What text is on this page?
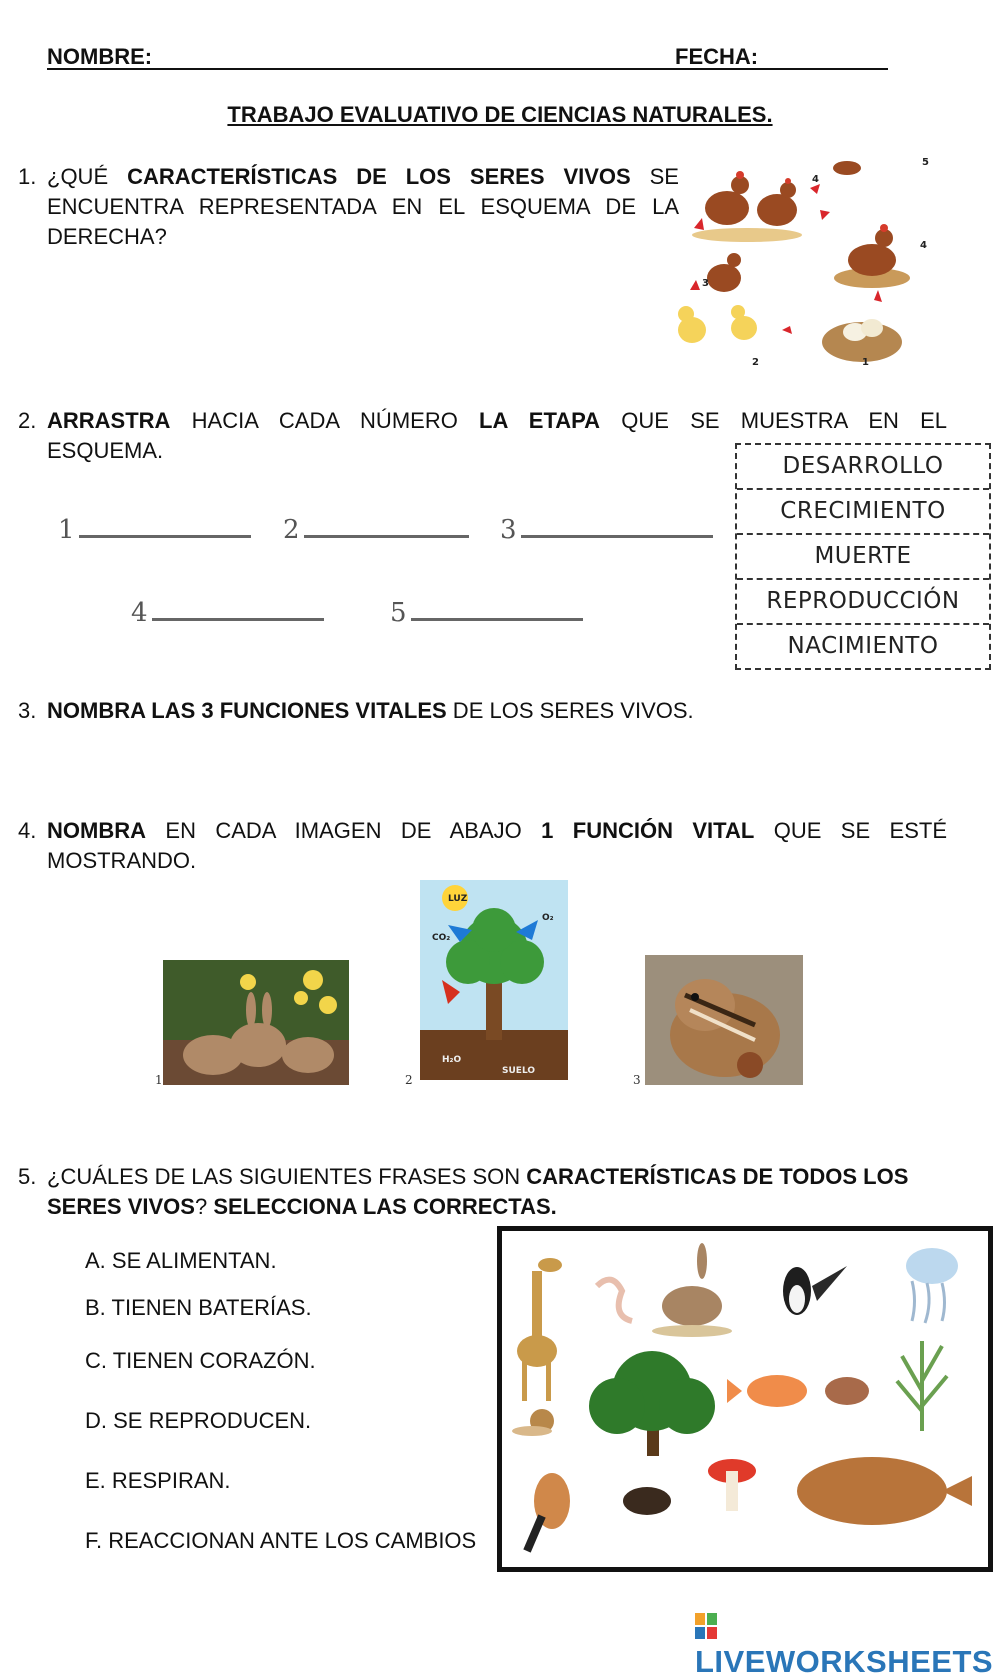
NOMBRE:	FECHA:
TRABAJO EVALUATIVO DE CIENCIAS NATURALES.
1. ¿QUÉ CARACTERÍSTICAS DE LOS SERES VIVOS SE
ENCUENTRA REPRESENTADA EN EL ESQUEMA DE LA
DERECHA?
1
2
3
4
4
5
2. ARRASTRA HACIA CADA NÚMERO LA ETAPA QUE SE MUESTRA EN EL
ESQUEMA.
1	2	3
4	5
DESARROLLO
CRECIMIENTO
MUERTE
REPRODUCCIÓN
NACIMIENTO
3. NOMBRA LAS 3 FUNCIONES VITALES DE LOS SERES VIVOS.
4. NOMBRA EN CADA IMAGEN DE ABAJO 1 FUNCIÓN VITAL QUE SE ESTÉ
MOSTRANDO.
1
LUZ
CO₂
O₂
SUELO
H₂O
2	3
5. ¿CUÁLES DE LAS SIGUIENTES FRASES SON CARACTERÍSTICAS DE TODOS LOS
SERES VIVOS? SELECCIONA LAS CORRECTAS.
A. SE ALIMENTAN.
B. TIENEN BATERÍAS.
C. TIENEN CORAZÓN.
D. SE REPRODUCEN.
E. RESPIRAN.
F. REACCIONAN ANTE LOS CAMBIOS
LIVEWORKSHEETS
